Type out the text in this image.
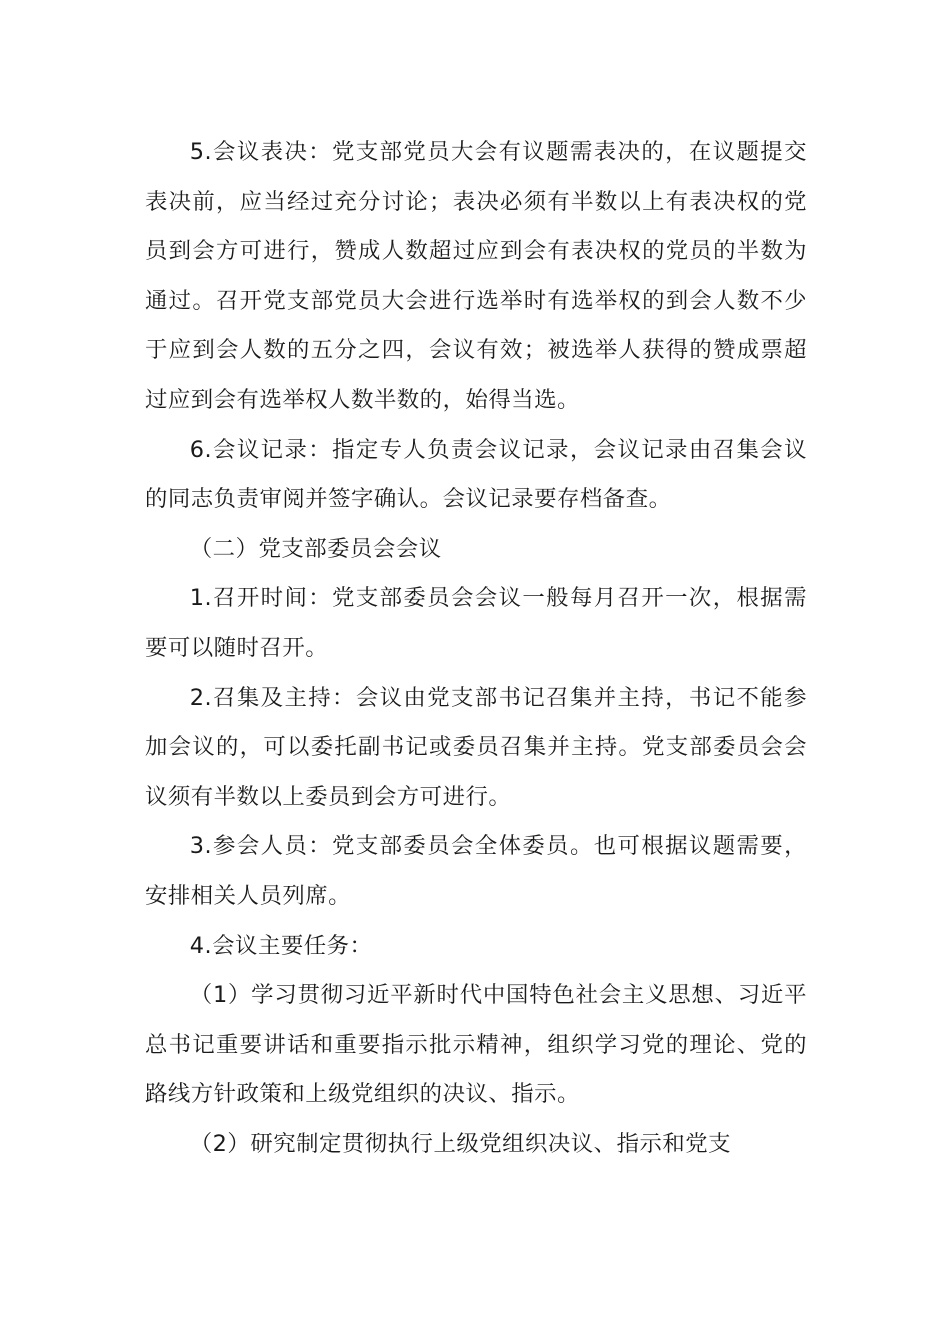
5.会议表决：党支部党员大会有议题需表决的，在议题提交表决前，应当经过充分讨论；表决必须有半数以上有表决权的党员到会方可进行，赞成人数超过应到会有表决权的党员的半数为通过。召开党支部党员大会进行选举时有选举权的到会人数不少于应到会人数的五分之四，会议有效；被选举人获得的赞成票超过应到会有选举权人数半数的，始得当选。

6.会议记录：指定专人负责会议记录，会议记录由召集会议的同志负责审阅并签字确认。会议记录要存档备查。

（二）党支部委员会会议

1.召开时间：党支部委员会会议一般每月召开一次，根据需要可以随时召开。

2.召集及主持：会议由党支部书记召集并主持，书记不能参加会议的，可以委托副书记或委员召集并主持。党支部委员会会议须有半数以上委员到会方可进行。

3.参会人员：党支部委员会全体委员。也可根据议题需要，安排相关人员列席。

4.会议主要任务：

（1）学习贯彻习近平新时代中国特色社会主义思想、习近平总书记重要讲话和重要指示批示精神，组织学习党的理论、党的路线方针政策和上级党组织的决议、指示。

（2）研究制定贯彻执行上级党组织决议、指示和党支
